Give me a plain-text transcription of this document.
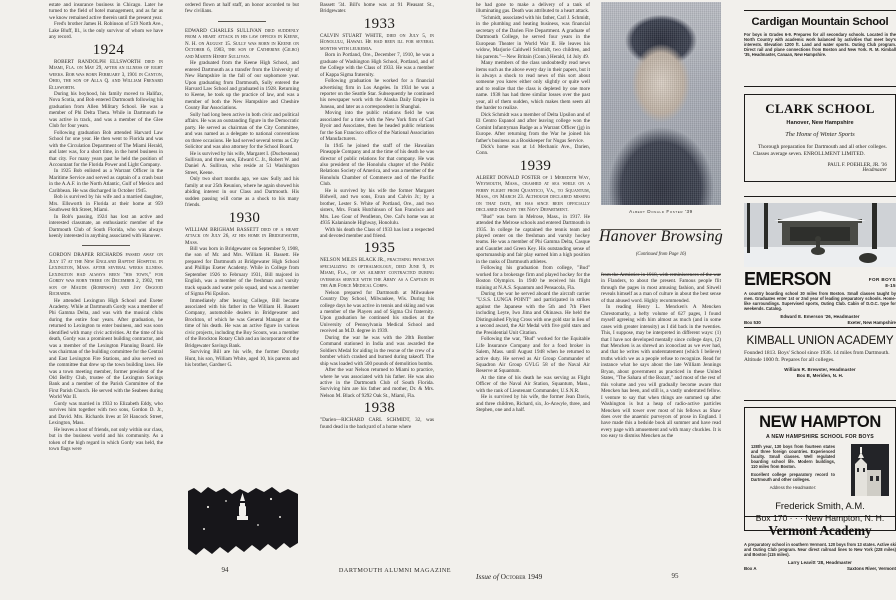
estate and insurance business in Chicago. Later he turned to the field of hotel management, and as far as we know remained active therein until the present year.

Fred's brother James H. Robinson of 519 North Ave., Lake Bluff, Ill., is the only survivor of whom we have any record.

1924

ROBERT RANDOLPH ELLSWORTH died in Miami, Fla. on May 29, after an illness of eight weeks. Bob was born February 3, 1901 in Canton, Ohio, the son of Alla Q. and William Frenard Ellsworth.

During his boyhood, his family moved to Halifax, Nova Scotia, and Bob entered Dartmouth following his graduation from Allen Military School. He was a member of Phi Delta Theta. While in Dartmouth he was active in track, and was a member of the Glee Club for four years.

Following graduation Bob attended Harvard Law School for one year. He then went to Florida and was with the Circulation Department of The Miami Herald, and later was, for a short time, in the hotel business in that city. For many years past he held the position of Accountant for the Florida Power and Light Company.

In 1925 Bob enlisted as a Warrant Officer in the Maritime Service and served as captain of a crash boat in the A.A.F. in the North Atlantic, Gulf of Mexico and Caribbean. He was discharged in October 1945.

Bob is survived by his wife and a married daughter, Mrs. Ellsworth in Florida at their home at 959 Southwest 6th Street, Miami.

In Bob's passing, 1924 has lost an active and interested classmate, an enthusiastic member of the Dartmouth Club of South Florida, who was always keenly interested in anything associated with Hanover.

GORDON DRAPER RICHARDS passed away on July 17 at the New England Baptist Hospital in Lexington, Mass. after several weeks illness. Lexington had always been "his town," for Gordy was born there on December 2, 1902, the son of Maude (Robinson) and Jay Osgood Richards.

He attended Lexington High School and Exeter Academy. While at Dartmouth Gordy was a member of Phi Gamma Delta, and was with the musical clubs during the entire four years. After graduation, he returned to Lexington to enter business, and was soon identified with many civic activities. At the time of his death, Gordy was a prominent building contractor, and was a member of the Lexington Planning Board. He was chairman of the building committee for the Central and East Lexington Fire Stations, and also served on the committee that drew up the town building laws. He was a town meeting member, former president of the Old Belfry Club, trustee of the Lexington Savings Bank and a member of the Parish Committee of the First Parish Church. He served with the Seabees during World War II.

Gordy was married in 1933 to Elizabeth Eddy, who survives him together with two sons, Gordon D. Jr., and David. Mrs. Richards lives at 58 Hancock Street, Lexington, Mass.

He leaves a host of friends, not only within our class, but in the business world and his community. As a token of the high regard in which Gordy was held, the town flags were

ordered flown at half staff, an honor accorded to but few civilians.

EDWARD CHARLES SULLIVAN died suddenly from a heart attack in his law offices in Keene, N. H. on August 15. Sully was born in Keene on October 6, 1903, the son of Catherine (Gilbo) and Martin Henry Sullivan.

He graduated from the Keene High School, and entered Dartmouth as a transfer from the University of New Hampshire in the fall of our sophomore year. Upon graduating from Dartmouth, Sully entered the Harvard Law School and graduated in 1928. Returning to Keene, he took up the practice of law, and was a member of both the New Hampshire and Cheshire County Bar Associations.

Sully had long been active in both civic and political affairs. He was an outstanding figure in the Democratic party. He served as chairman of the City Committee, and was named as a delegate to national conventions on three occasions. He had served several terms as City Solicitor and was also attorney for the School Board.

He is survived by his wife, Margaret I. (Duchesneau) Sullivan, and three sons, Edward C. Jr., Robert W. and Daniel A. Sullivan, who reside at 51 Washington Street, Keene.

Only two short months ago, we saw Sully and his family at our 25th Reunion, where he again showed his abiding interest in our Class and Dartmouth. His sudden passing will come as a shock to his many friends.

1930

WILLIAM BRIGHAM BASSETT died of a heart attack on July 26, at his home in Bridgewater, Mass.

Bill was born in Bridgewater on September 9, 1908, the son of Mr. and Mrs. William H. Bassett. He prepared for Dartmouth at Bridgewater High School and Phillips Exeter Academy. While in College from September 1926 to February 1931, Bill majored in English, was a member of the freshman and varsity track squads and water polo squad, and was a member of Sigma Phi Epsilon.

Immediately after leaving College, Bill became associated with his father in the William H. Bassett Company, automobile dealers in Bridgewater and Brockton, of which he was General Manager at the time of his death. He was an active figure in various civic projects, including the Boy Scouts, was a member of the Brockton Rotary Club and an incorporator of the Bridgewater Savings Bank.

Surviving Bill are his wife, the former Dorothy Hunt, his son, William White, aged 10, his parents and his brother, Gardner G.

Bassett '34. Bill's home was at 91 Pleasant St., Bridgewater.

1933

CALVIN STUART WHITE, died on July 5, in Honolulu, Hawaii. He had been ill for several months with leukemia.

Born in Portland, Ore., December 7, 1910, he was a graduate of Washington High School, Portland, and of the College with the Class of 1933. He was a member of Kappa Sigma fraternity.

Following graduation he worked for a financial advertising firm in Los Angeles. In 1934 he was a reporter on the Seattle Star. Subsequently he continued his newspaper work with the Alaska Daily Empire in Juneau, and later as a correspondent in Shanghai.

Moving into the public relations field he was associated for a time with the New York firm of Carl Byoir and Associates, then he headed public relations for the San Francisco office of the National Association of Manufacturers.

In 1945 he joined the staff of the Hawaiian Pineapple Company and at the time of his death he was director of public relations for that company. He was also president of the Honolulu chapter of the Public Relations Society of America, and was a member of the Honolulu Chamber of Commerce and of the Pacific Club.

He is survived by his wife the former Margaret Bidwell, and two sons, Evan and Calvin Jr.; by a brother, Lester S. White of Portland, Ore., and two sisters, Mrs. Frank Hutchinson of San Francisco and Mrs. Leo Gour of Pendleton, Ore. Cal's home was at 4935 Kalanianole Highway, Honolulu.

With his death the Class of 1933 has lost a respected and devoted member and friend.

1935

NELSON MILES BLACK JR., practising physician specializing in opthalmology, died June 9, in Miami, Fla., of an ailment contracted during overseas service with the Army as a Captain in the Air Force Medical Corps.

Nelson prepared for Dartmouth at Milwaukee Country Day School, Milwaukee, Wis. During his college days he was active in tennis and skiing and was a member of the Players and of Sigma Chi fraternity. Upon graduation he continued his studies at the University of Pennsylvania Medical School and received an M.D. degree in 1939.

During the war he was with the 20th Bomber Command stationed in India and was awarded the Soldiers Medal for aiding in the rescue of the crew of a bomber which crashed and burned during takeoff. The ship was loaded with 500 pounds of demolition bombs.

After the war Nelson returned to Miami to practice, where he was associated with his father. He was also active in the Dartmouth Club of South Florida. Surviving him are his father and mother, Dr. & Mrs. Nelson M. Black of 9292 Oak St., Miami, Fla.

1938

"Darien—RICHARD CARL SCHMIDT, 32, was found dead in the backyard of a home where

he had gone to make a delivery of a tank of illuminating gas. Death was attributed to a heart attack.

"Schmidt, associated with his father, Carl J. Schmidt, in the plumbing and heating business, was financial secretary of the Darien Fire Department. A graduate of Dartmouth College, he served four years in the European Theater in World War II. He leaves his widow, Marjorie Caldwell Schmidt, two children, and his parents."—New Britain (Conn.) Herald, 14 July 49.

Many members of the class undoubtedly read news items such as the above every day in their papers, but it is always a shock to read news of this sort about someone you knew either only slightly or quite well and to realize that the class is depleted by one more name. 1938 has had three similar losses over the past year, all of them sudden, which makes them seem all the harder to realize.

Dick Schmidt was a member of Delta Upsilon and of El Centro Espanol and after leaving college won the Comint Infantryman Badge as a Warrant Officer (jg) in Europe. After returning from the War he joined his father's business as a Bookkeeper for Nugas Service.

Dick's home was at 14 Mechanic Ave., Darien, Conn.

1939

ALBERT DONALD FOSTER of 1 Meredith Way, Weymouth, Mass., crashed at sea while on a ferry flight from Quantico, Va., to Squantum, Mass., on March 23. Although declared missing on that date, he has since been officially declared dead by the Navy Department.

"Bud" was born in Melrose, Mass., in 1917. He attended the Melrose schools and entered Dartmouth in 1935. In college he captained the tennis team and played center on the freshman and varsity hockey teams. He was a member of Phi Gamma Delta, Casque and Gauntlet and Green Key. His outstanding sense of sportsmanship and fair play earned him a high position in the ranks of Dartmouth athletes.

Following his graduation from college, "Bud" worked for a brokerage firm and played hockey for the Boston Olympics. In 1940 he received his flight training at N.A.S. Squantum and Pensacola, Fla.

During the war he served aboard the aircraft carrier "U.S.S. LUNGA POINT" and participated in strikes against the Japanese with the 5th and 7th Fleet including Leyte, Iwo Jima and Okinawa. He held the Distinguished Flying Cross with one gold star in lieu of a second award, the Air Medal with five gold stars and the Presidential Unit Citation.

Following the war, "Bud" worked for the Equitable Life Insurance Company and for a food broker in Salem, Mass. until August 1948 when he returned to active duty. He served as Air Group Commander of Squadron Air Group GVLG 58 of the Naval Air Reserve at Squantum.

At the time of his death he was serving as Flight Officer of the Naval Air Station, Squantum, Mass., with the rank of Lieutenant Commander, U.S.N.R.

He is survived by his wife, the former Jean Davis, and three children, Richard, six, Jo-Anwyle, three, and Stephen, one and a half.

Albert Donald Foster '39
Hanover Browsing
(Continued from Page 16)

from the Armistice in 1918, with reminiscences of the war in Flanders, to about the present. Famous people flit through the pages in most amusing fashion, and Sitwell reveals himself as a man of culture in about the best sense of that abused word. Highly recommended.

In reading Henry L. Mencken's A Mencken Chrestomathy, a hefty volume of 627 pages, I found myself agreeing with him almost as much (and in some cases with greater intensity) as I did back in the twenties. This, I suppose, may be interpreted in different ways: (1) that I have not developed mentally since college days, (2) that Mencken is as shrewd an iconoclast as we ever had, and that he writes with understatement (which I believe) truths which we as a people refuse to recognize. Read for instance what he says about the late William Jennings Bryan, about government as practiced in these United States, "The Sahara of the Bozart," and most of the rest of this volume and you will gradually become aware that Mencken has been, and still is, a vastly underrated fellow. I venture to say that when things are summed up after Washington is but a heap of radio-active particles Mencken will tower over most of his fellows as Shaw does over the anaemic purveyors of prose in England. I have made this a bedside book all summer and have read every page with amusement and with many chuckles. It is too easy to dismiss Mencken as the

Cardigan Mountain School
For boys in Grades 6-9. Prepares for all secondary schools. Located in the North Country with academic work balanced by activities that meet boy's interests. Elevation 1200 ft. Land and water sports. Outing Club program. Direct rail and plane connections from Boston and New York. R. M. Kimball '35, Headmaster, Canaan, New Hampshire.
CLARK SCHOOL
Hanover, New Hampshire
The Home of Winter Sports
Thorough preparation for Dartmouth and all other colleges. Classes average seven. ENROLLMENT LIMITED.
PAUL F. POEHLER, JR. '36
Headmaster
EMERSON	FOR BOYS
8-15
A country boarding school 30 miles from Boston. Small classes taught by men. Graduates enter 1st or 2nd year of leading preparatory schools. Home-like surroundings. Supervised sports, Outing Club. Cabin of D.O.C. type for weekends. Catalog.
Edward E. Emerson '26, Headmaster
Box 530	Exeter, New Hampshire
KIMBALL UNION ACADEMY
Founded 1813. Boys' School since 1936. 14 miles from Dartmouth. Altitude 1000 ft. Prepares for all colleges.
William R. Brewster, Headmaster
Box B, Meriden, N. H.
NEW HAMPTON
A NEW HAMPSHIRE SCHOOL FOR BOYS
128th year, 130 boys from fourteen states and three foreign countries. Experienced faculty. Small classes. Well regulated boarding school life. Modern buildings, 110 miles from Boston.
Excellent college preparatory record to Dartmouth and other colleges.
Address the Headmaster:
Frederick Smith, A.M.
Box 170 · · · New Hampton, N. H.
Vermont Academy
A preparatory school in southern Vermont. 120 boys from 13 states. Active ski and Outing Club program. Near direct railroad lines to New York (228 miles) and Boston (115 miles).
Larry Leavitt '28, Headmaster
Box A	Saxtons River, Vermont
94	DARTMOUTH ALUMNI MAGAZINE
Issue of October 1949	95
